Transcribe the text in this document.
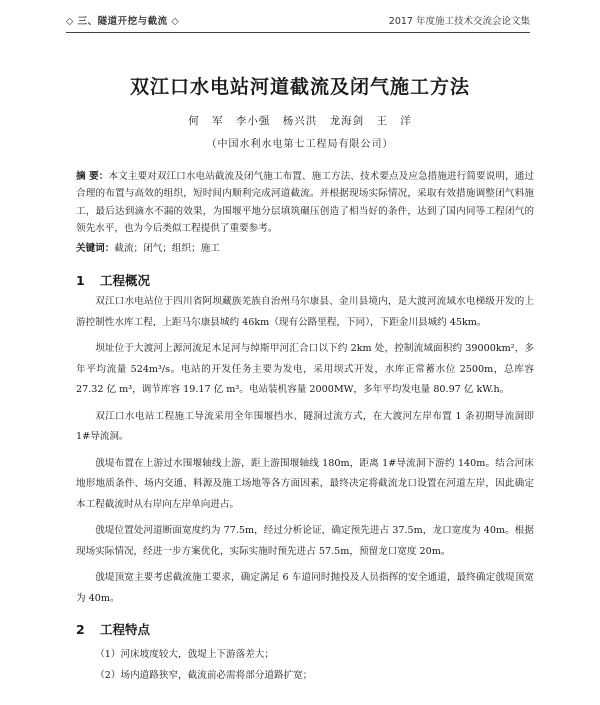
◇ 三、隧道开挖与截流 ◇	2017 年度施工技术交流会论文集
双江口水电站河道截流及闭气施工方法
何 军 李小强 杨兴洪 龙海剑 王 洋
（中国水利水电第七工程局有限公司）
摘 要：本文主要对双江口水电站截流及闭气施工布置、施工方法、技术要点及应急措施进行简要说明，通过合理的布置与高效的组织，短时间内顺利完成河道截流。并根据现场实际情况，采取有效措施调整闭气料施工，最后达到滴水不漏的效果，为围堰平地分层填筑碾压创造了相当好的条件，达到了国内同等工程闭气的领先水平，也为今后类似工程提供了重要参考。
关键词：截流；闭气；组织；施工
1 工程概况

双江口水电站位于四川省阿坝藏族羌族自治州马尔康县、金川县境内，是大渡河流域水电梯级开发的上游控制性水库工程，上距马尔康县城约 46km（现有公路里程，下同），下距金川县城约 45km。

坝址位于大渡河上源河流足木足河与绰斯甲河汇合口以下约 2km 处，控制流域面积约 39000km²，多年平均流量 524m³/s。电站的开发任务主要为发电，采用坝式开发，水库正常蓄水位 2500m，总库容 27.32 亿 m³，调节库容 19.17 亿 m³。电站装机容量 2000MW，多年平均发电量 80.97 亿 kW.h。

双江口水电站工程施工导流采用全年围堰挡水、隧洞过流方式，在大渡河左岸布置 1 条初期导流洞即 1#导流洞。

戗堤布置在上游过水围堰轴线上游，距上游围堰轴线 180m，距离 1#导流洞下游约 140m。结合河床地形地质条件、场内交通、料源及施工场地等各方面因素，最终决定将截流龙口设置在河道左岸，因此确定本工程截流时从右岸向左岸单向进占。

戗堤位置处河道断面宽度约为 77.5m，经过分析论证，确定预先进占 37.5m，龙口宽度为 40m。根据现场实际情况，经进一步方案优化，实际实施时预先进占 57.5m，预留龙口宽度 20m。

戗堤顶宽主要考虑截流施工要求，确定满足 6 车道同时抛投及人员指挥的安全通道，最终确定戗堤顶宽为 40m。

2 工程特点

（1）河床坡度较大，戗堤上下游落差大；

（2）场内道路狭窄，截流前必需将部分道路扩宽；
